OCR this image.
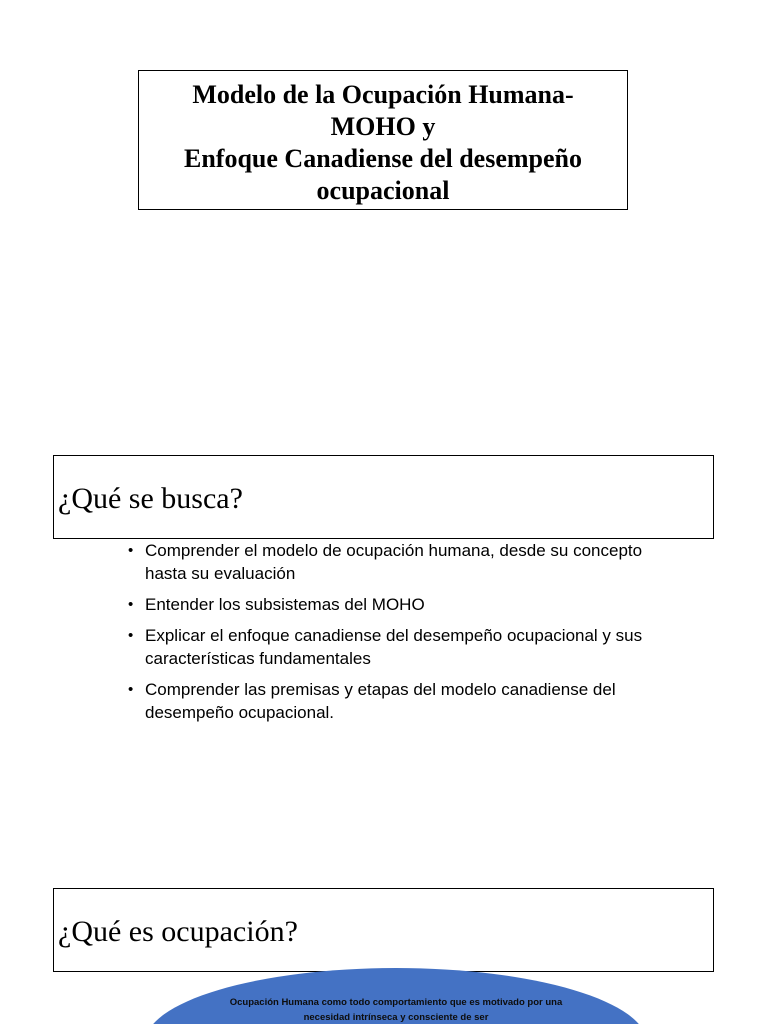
Modelo de la Ocupación Humana-
MOHO y
Enfoque Canadiense del desempeño
ocupacional
¿Qué se busca?
• Comprender el modelo de ocupación humana, desde su concepto hasta su evaluación
• Entender los subsistemas del MOHO
• Explicar el enfoque canadiense del desempeño ocupacional y sus características fundamentales
• Comprender las premisas y etapas del modelo canadiense del desempeño ocupacional.
¿Qué es ocupación?
Ocupación Humana como todo comportamiento que es motivado por una necesidad intrínseca y consciente de ser
